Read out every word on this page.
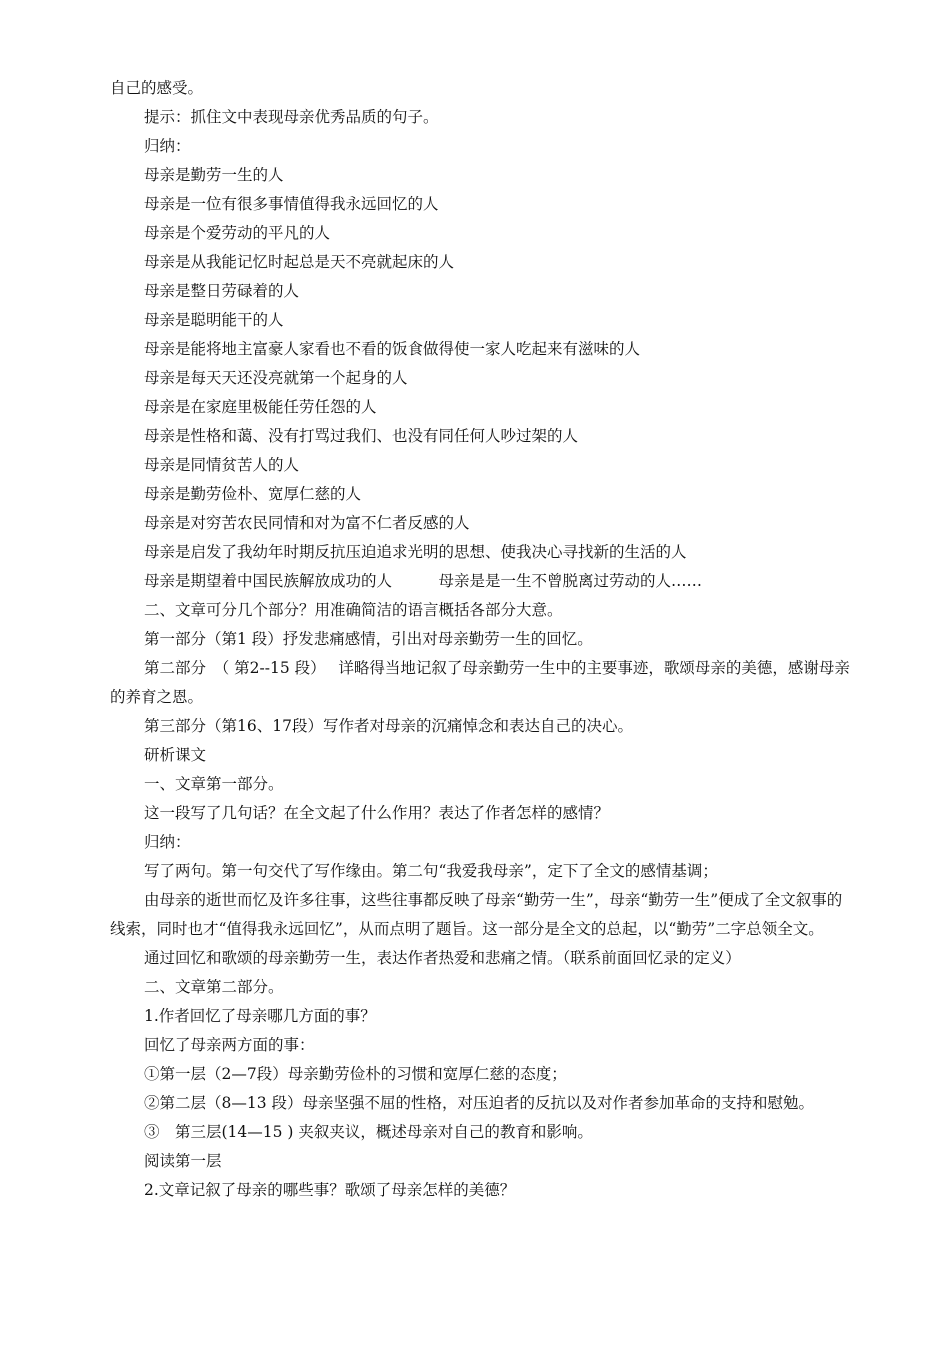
自己的感受。

提示：抓住文中表现母亲优秀品质的句子。

归纳：

母亲是勤劳一生的人

母亲是一位有很多事情值得我永远回忆的人

母亲是个爱劳动的平凡的人

母亲是从我能记忆时起总是天不亮就起床的人

母亲是整日劳碌着的人

母亲是聪明能干的人

母亲是能将地主富豪人家看也不看的饭食做得使一家人吃起来有滋味的人

母亲是每天天还没亮就第一个起身的人

母亲是在家庭里极能任劳任怨的人

母亲是性格和蔼、没有打骂过我们、也没有同任何人吵过架的人

母亲是同情贫苦人的人

母亲是勤劳俭朴、宽厚仁慈的人

母亲是对穷苦农民同情和对为富不仁者反感的人

母亲是启发了我幼年时期反抗压迫追求光明的思想、使我决心寻找新的生活的人

母亲是期望着中国民族解放成功的人　　　母亲是是一生不曾脱离过劳动的人……

二、文章可分几个部分？用准确简洁的语言概括各部分大意。

第一部分（第1 段）抒发悲痛感情，引出对母亲勤劳一生的回忆。

第二部分　（ 第2--15 段）　 详略得当地记叙了母亲勤劳一生中的主要事迹，歌颂母亲的美德，感谢母亲的养育之恩。

第三部分（第16、17段）写作者对母亲的沉痛悼念和表达自己的决心。

研析课文

一、文章第一部分。

这一段写了几句话？在全文起了什么作用？表达了作者怎样的感情？

归纳：

写了两句。第一句交代了写作缘由。第二句“我爱我母亲”，定下了全文的感情基调；

由母亲的逝世而忆及许多往事，这些往事都反映了母亲“勤劳一生”，母亲“勤劳一生”便成了全文叙事的线索，同时也才“值得我永远回忆”，从而点明了题旨。这一部分是全文的总起，以“勤劳”二字总领全文。

通过回忆和歌颂的母亲勤劳一生，表达作者热爱和悲痛之情。（联系前面回忆录的定义）

二、文章第二部分。

1.作者回忆了母亲哪几方面的事？

回忆了母亲两方面的事：

①第一层（2—7段）母亲勤劳俭朴的习惯和宽厚仁慈的态度；

②第二层（8—13 段）母亲坚强不屈的性格，对压迫者的反抗以及对作者参加革命的支持和慰勉。

③　第三层(14—15 ) 夹叙夹议，概述母亲对自己的教育和影响。

阅读第一层

2.文章记叙了母亲的哪些事？歌颂了母亲怎样的美德？
